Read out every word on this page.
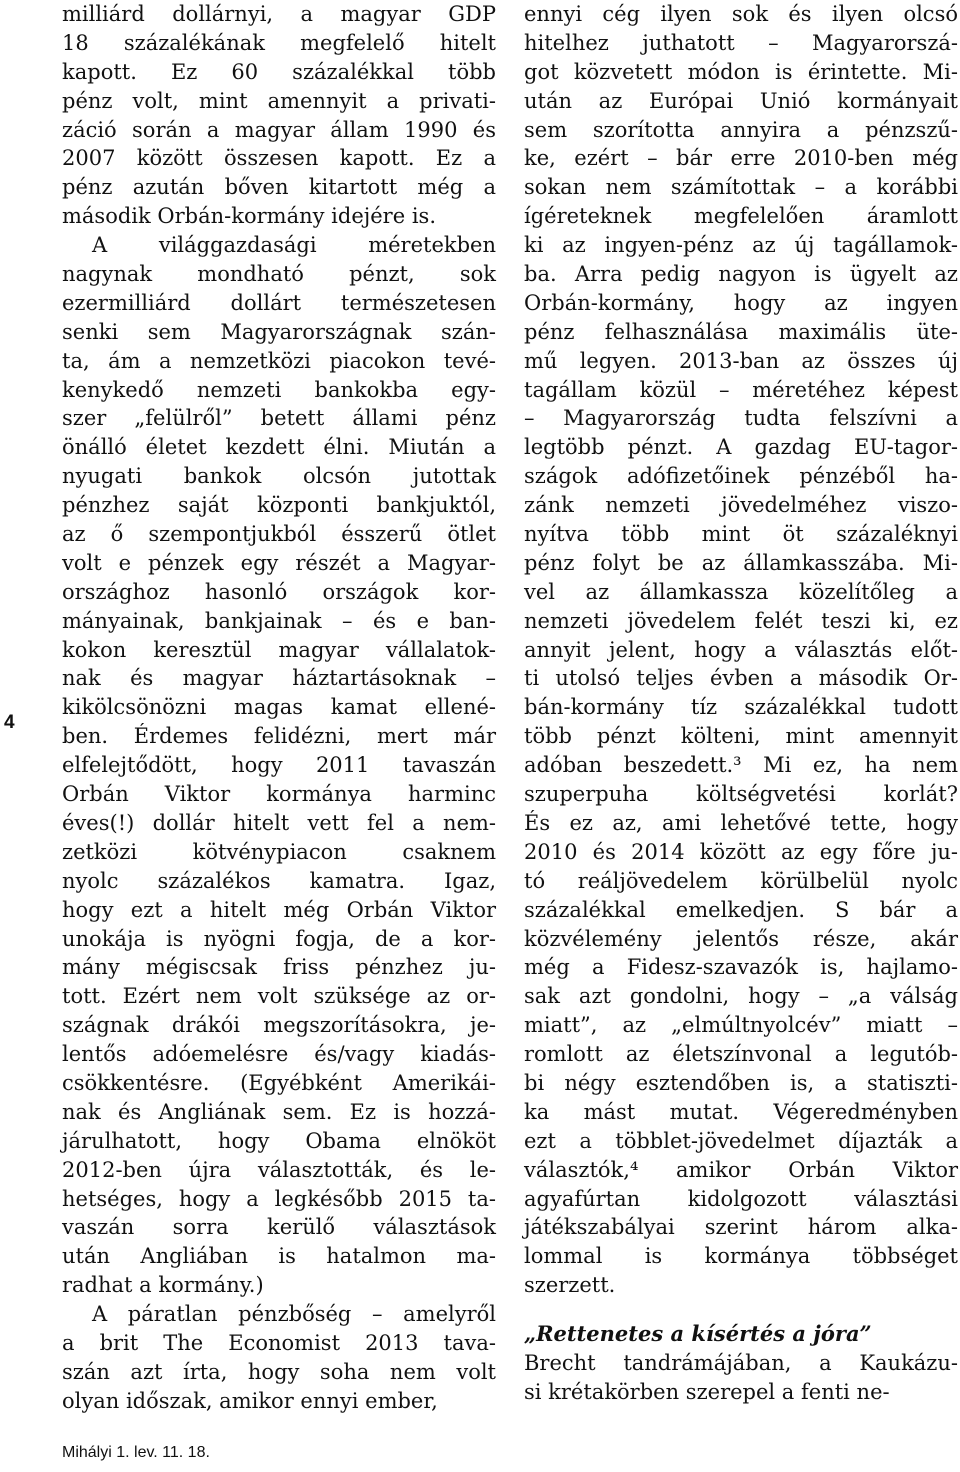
4
milliárd dollárnyi, a magyar GDP
18 százalékának megfelelő hitelt
kapott. Ez 60 százalékkal több
pénz volt, mint amennyit a privati-
záció során a magyar állam 1990 és
2007 között összesen kapott. Ez a
pénz azután bőven kitartott még a
második Orbán-kormány idejére is.
A világgazdasági méretekben
nagynak mondható pénzt, sok
ezermilliárd dollárt természetesen
senki sem Magyarországnak szán-
ta, ám a nemzetközi piacokon tevé-
kenykedő nemzeti bankokba egy-
szer „felülről” betett állami pénz
önálló életet kezdett élni. Miután a
nyugati bankok olcsón jutottak
pénzhez saját központi bankjuktól,
az ő szempontjukból ésszerű ötlet
volt e pénzek egy részét a Magyar-
országhoz hasonló országok kor-
mányainak, bankjainak – és e ban-
kokon keresztül magyar vállalatok-
nak és magyar háztartásoknak –
kikölcsönözni magas kamat ellené-
ben. Érdemes felidézni, mert már
elfelejtődött, hogy 2011 tavaszán
Orbán Viktor kormánya harminc
éves(!) dollár hitelt vett fel a nem-
zetközi kötvénypiacon csaknem
nyolc százalékos kamatra. Igaz,
hogy ezt a hitelt még Orbán Viktor
unokája is nyögni fogja, de a kor-
mány mégiscsak friss pénzhez ju-
tott. Ezért nem volt szüksége az or-
szágnak drákói megszorításokra, je-
lentős adóemelésre és/vagy kiadás-
csökkentésre. (Egyébként Amerikái-
nak és Angliának sem. Ez is hozzá-
járulhatott, hogy Obama elnököt
2012-ben újra választották, és le-
hetséges, hogy a legkésőbb 2015 ta-
vaszán sorra kerülő választások
után Angliában is hatalmon ma-
radhat a kormány.)
A páratlan pénzbőség – amelyről
a brit The Economist 2013 tava-
szán azt írta, hogy soha nem volt
olyan időszak, amikor ennyi ember,
ennyi cég ilyen sok és ilyen olcsó
hitelhez juthatott – Magyarorszá-
got közvetett módon is érintette. Mi-
után az Európai Unió kormányait
sem szorította annyira a pénzszű-
ke, ezért – bár erre 2010-ben még
sokan nem számítottak – a korábbi
ígéreteknek megfelelően áramlott
ki az ingyen-pénz az új tagállamok-
ba. Arra pedig nagyon is ügyelt az
Orbán-kormány, hogy az ingyen
pénz felhasználása maximális üte-
mű legyen. 2013-ban az összes új
tagállam közül – méretéhez képest
– Magyarország tudta felszívni a
legtöbb pénzt. A gazdag EU-tagor-
szágok adófizetőinek pénzéből ha-
zánk nemzeti jövedelméhez viszo-
nyítva több mint öt százaléknyi
pénz folyt be az államkasszába. Mi-
vel az államkassza közelítőleg a
nemzeti jövedelem felét teszi ki, ez
annyit jelent, hogy a választás előt-
ti utolsó teljes évben a második Or-
bán-kormány tíz százalékkal tudott
több pénzt költeni, mint amennyit
adóban beszedett.³ Mi ez, ha nem
szuperpuha költségvetési korlát?
És ez az, ami lehetővé tette, hogy
2010 és 2014 között az egy főre ju-
tó reáljövedelem körülbelül nyolc
százalékkal emelkedjen. S bár a
közvélemény jelentős része, akár
még a Fidesz-szavazók is, hajlamo-
sak azt gondolni, hogy – „a válság
miatt”, az „elmúltnyolcév” miatt –
romlott az életszínvonal a legutób-
bi négy esztendőben is, a statiszti-
ka mást mutat. Végeredményben
ezt a többlet-jövedelmet díjazták a
választók,⁴ amikor Orbán Viktor
agyafúrtan kidolgozott választási
játékszabályai szerint három alka-
lommal is kormánya többséget
szerzett.
„Rettenetes a kísértés a jóra”
Brecht tandrámájában, a Kaukázu-
si krétakörben szerepel a fenti ne-
Mihályi 1. lev. 11. 18.
